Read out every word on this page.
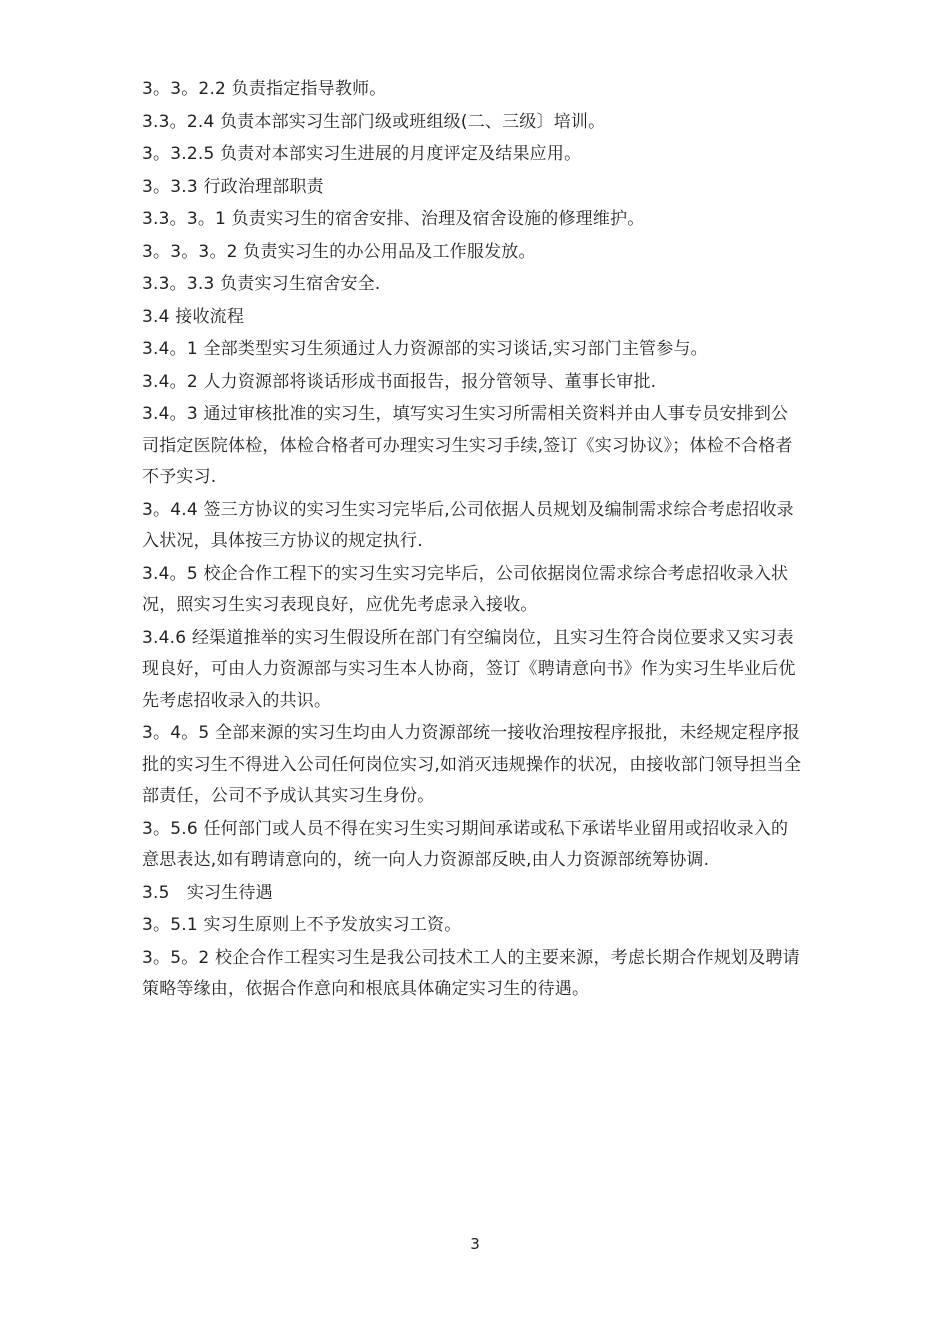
3。3。2.2 负责指定指导教师。

3.3。2.4 负责本部实习生部门级或班组级(二、三级〕培训。

3。3.2.5 负责对本部实习生进展的月度评定及结果应用。

3。3.3 行政治理部职责

3.3。3。1 负责实习生的宿舍安排、治理及宿舍设施的修理维护。

3。3。3。2 负责实习生的办公用品及工作服发放。

3.3。3.3 负责实习生宿舍安全.

3.4 接收流程

3.4。1 全部类型实习生须通过人力资源部的实习谈话,实习部门主管参与。

3.4。2 人力资源部将谈话形成书面报告，报分管领导、董事长审批.

3.4。3 通过审核批准的实习生，填写实习生实习所需相关资料并由人事专员安排到公司指定医院体检，体检合格者可办理实习生实习手续,签订《实习协议》；体检不合格者不予实习.

3。4.4 签三方协议的实习生实习完毕后,公司依据人员规划及编制需求综合考虑招收录入状况，具体按三方协议的规定执行.

3.4。5 校企合作工程下的实习生实习完毕后，公司依据岗位需求综合考虑招收录入状况，照实习生实习表现良好，应优先考虑录入接收。

3.4.6 经渠道推举的实习生假设所在部门有空编岗位，且实习生符合岗位要求又实习表现良好，可由人力资源部与实习生本人协商，签订《聘请意向书》作为实习生毕业后优先考虑招收录入的共识。

3。4。5 全部来源的实习生均由人力资源部统一接收治理按程序报批，未经规定程序报批的实习生不得进入公司任何岗位实习,如消灭违规操作的状况，由接收部门领导担当全部责任，公司不予成认其实习生身份。

3。5.6 任何部门或人员不得在实习生实习期间承诺或私下承诺毕业留用或招收录入的意思表达,如有聘请意向的，统一向人力资源部反映,由人力资源部统筹协调.

3.5　实习生待遇

3。5.1 实习生原则上不予发放实习工资。

3。5。2 校企合作工程实习生是我公司技术工人的主要来源，考虑长期合作规划及聘请策略等缘由，依据合作意向和根底具体确定实习生的待遇。

3
